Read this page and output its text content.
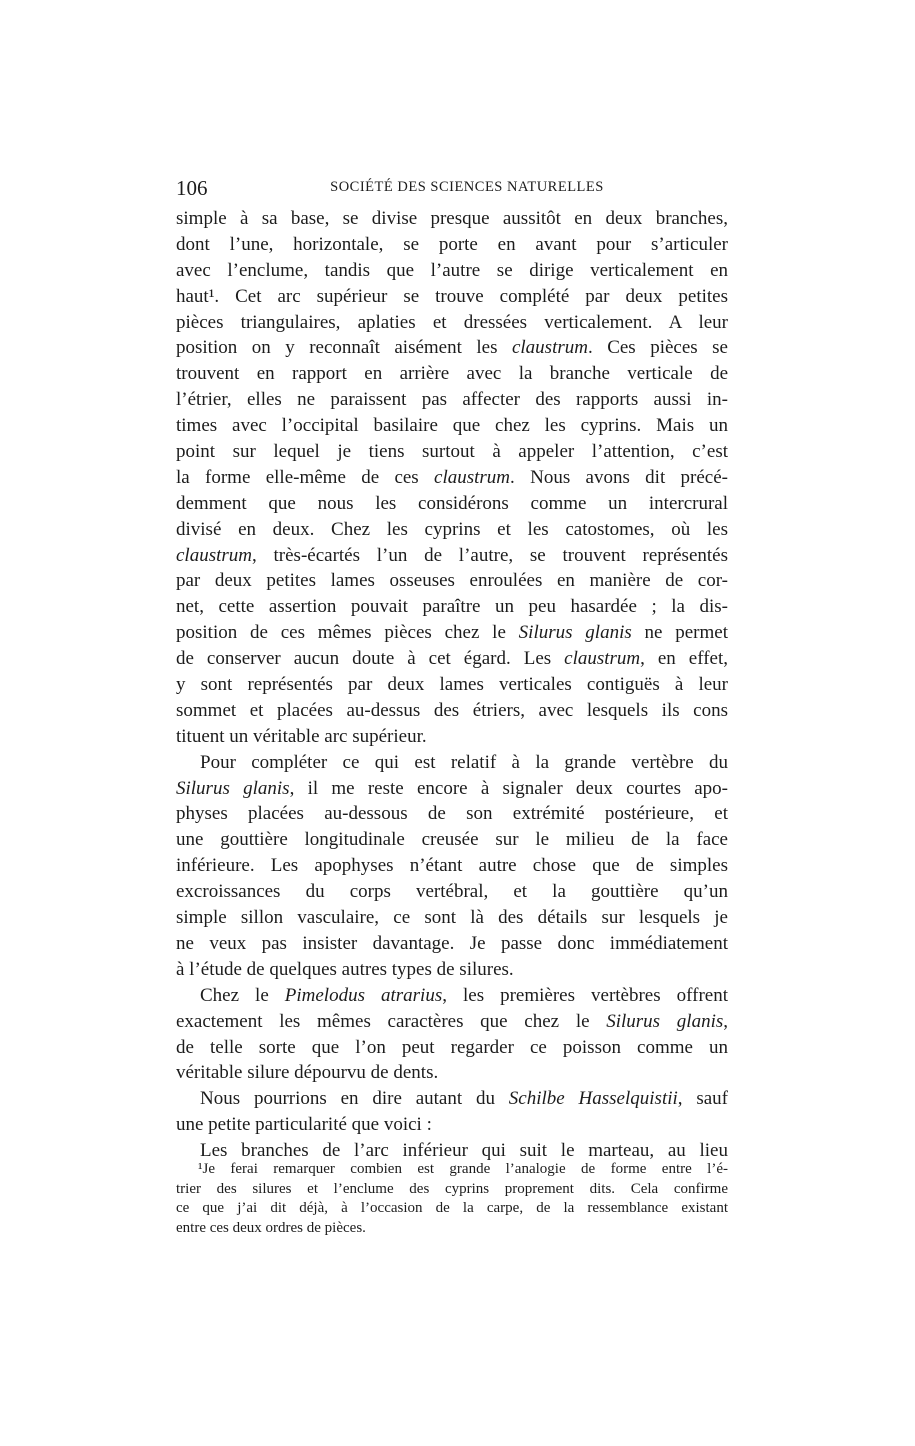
106	SOCIÉTÉ DES SCIENCES NATURELLES
simple à sa base, se divise presque aussitôt en deux branches,
dont l’une, horizontale, se porte en avant pour s’articuler
avec l’enclume, tandis que l’autre se dirige verticalement en
haut¹. Cet arc supérieur se trouve complété par deux petites
pièces triangulaires, aplaties et dressées verticalement. A leur
position on y reconnaît aisément les claustrum. Ces pièces se
trouvent en rapport en arrière avec la branche verticale de
l’étrier, elles ne paraissent pas affecter des rapports aussi in-
times avec l’occipital basilaire que chez les cyprins. Mais un
point sur lequel je tiens surtout à appeler l’attention, c’est
la forme elle-même de ces claustrum. Nous avons dit précé-
demment que nous les considérons comme un intercrural
divisé en deux. Chez les cyprins et les catostomes, où les
claustrum, très-écartés l’un de l’autre, se trouvent représentés
par deux petites lames osseuses enroulées en manière de cor-
net, cette assertion pouvait paraître un peu hasardée ; la dis-
position de ces mêmes pièces chez le Silurus glanis ne permet
de conserver aucun doute à cet égard. Les claustrum, en effet,
y sont représentés par deux lames verticales contiguës à leur
sommet et placées au-dessus des étriers, avec lesquels ils cons
tituent un véritable arc supérieur.
Pour compléter ce qui est relatif à la grande vertèbre du
Silurus glanis, il me reste encore à signaler deux courtes apo-
physes placées au-dessous de son extrémité postérieure, et
une gouttière longitudinale creusée sur le milieu de la face
inférieure. Les apophyses n’étant autre chose que de simples
excroissances du corps vertébral, et la gouttière qu’un
simple sillon vasculaire, ce sont là des détails sur lesquels je
ne veux pas insister davantage. Je passe donc immédiatement
à l’étude de quelques autres types de silures.
Chez le Pimelodus atrarius, les premières vertèbres offrent
exactement les mêmes caractères que chez le Silurus glanis,
de telle sorte que l’on peut regarder ce poisson comme un
véritable silure dépourvu de dents.
Nous pourrions en dire autant du Schilbe Hasselquistii, sauf
une petite particularité que voici :
Les branches de l’arc inférieur qui suit le marteau, au lieu
¹Je ferai remarquer combien est grande l’analogie de forme entre l’é-
trier des silures et l’enclume des cyprins proprement dits. Cela confirme
ce que j’ai dit déjà, à l’occasion de la carpe, de la ressemblance existant
entre ces deux ordres de pièces.
